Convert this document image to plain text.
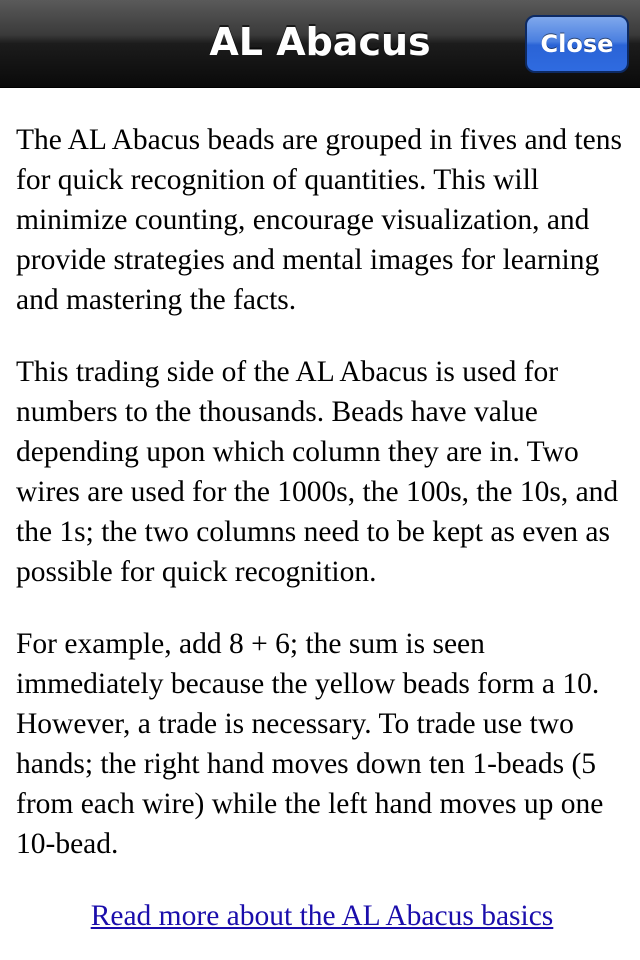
AL Abacus	Close

The AL Abacus beads are grouped in fives and tens for quick recognition of quantities. This will minimize counting, encourage visualization, and provide strategies and mental images for learning and mastering the facts.

This trading side of the AL Abacus is used for numbers to the thousands. Beads have value depending upon which column they are in. Two wires are used for the 1000s, the 100s, the 10s, and the 1s; the two columns need to be kept as even as possible for quick recognition.

For example, add 8 + 6; the sum is seen immediately because the yellow beads form a 10. However, a trade is necessary. To trade use two hands; the right hand moves down ten 1-beads (5 from each wire) while the left hand moves up one 10-bead.

Read more about the AL Abacus basics
